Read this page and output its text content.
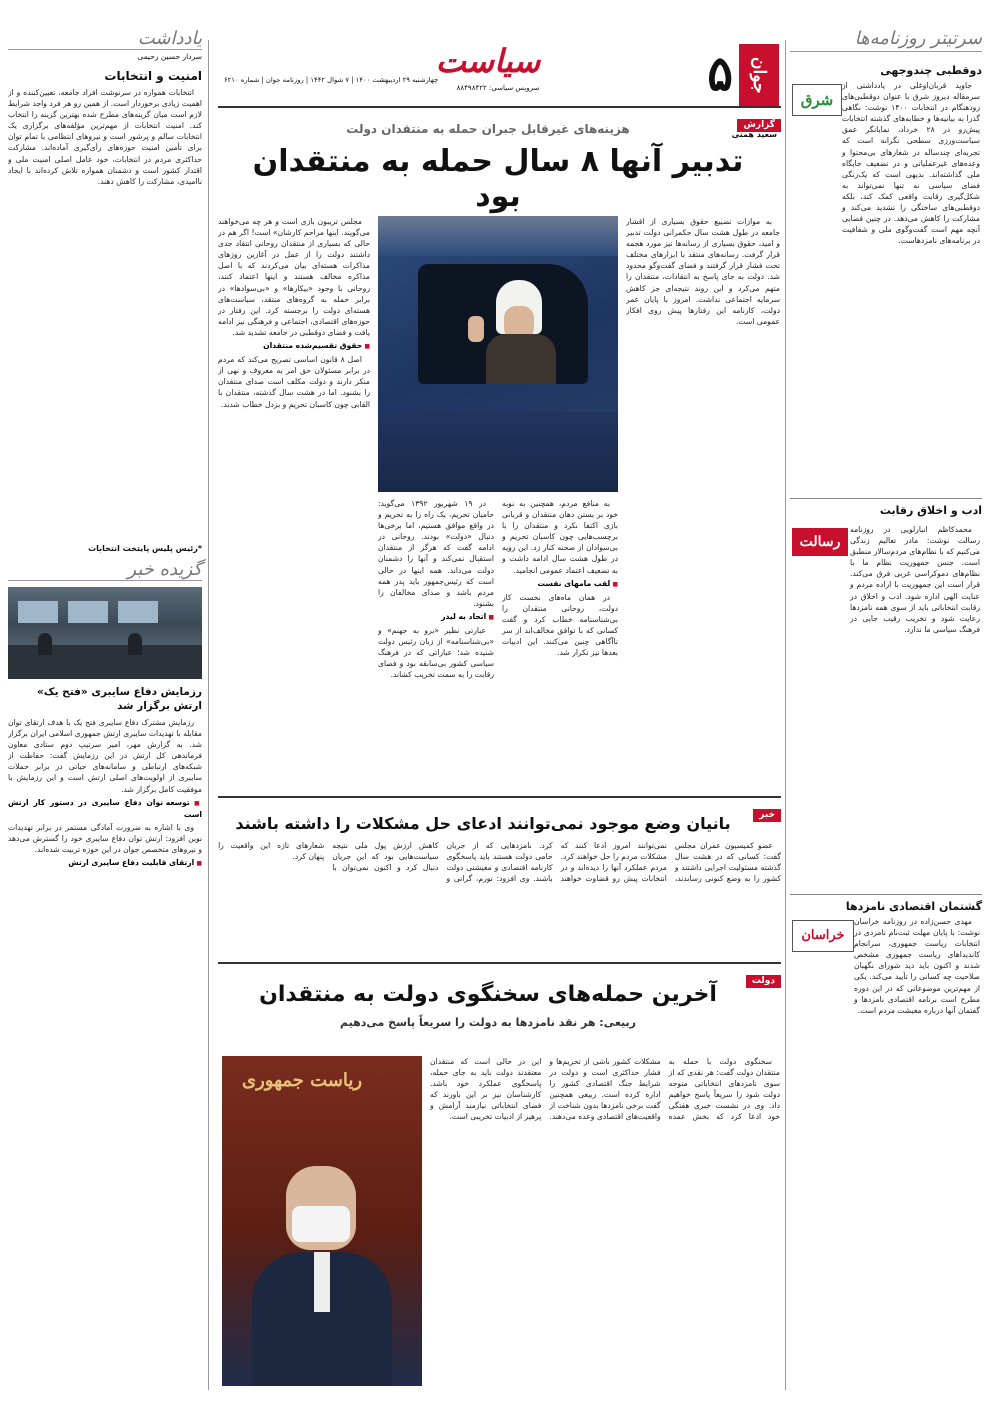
جوان
۵
سیاست
سرویس سیاسی: ۸۸۴۹۸۴۲۲
چهارشنبه ۲۹ اردیبهشت ۱۴۰۰ | ۷ شوال ۱۴۴۲ | روزنامه جوان | شماره ۶۲۱۰
سرتیتر روزنامه‌ها
دوقطبی چندوجهی
شرق

جاوید قربان‌اوغلی در یادداشتی از سرمقاله دیروز شرق با عنوان دوقطبی‌های زودهنگام در انتخابات ۱۴۰۰ نوشت: نگاهی گذرا به بیانیه‌ها و خطابه‌های گذشته انتخابات پیش‌رو در ۲۸ خرداد، نمایانگر عمق سیاست‌ورزی سطحی نگرانه است که تجربه‌ای چندساله در شعارهای بی‌محتوا و وعده‌های غیرعملیاتی و در تضعیف جایگاه ملی گذاشته‌اند. بدیهی است که یک‌رنگی فضای سیاسی نه تنها نمی‌تواند به شکل‌گیری رقابت واقعی کمک کند، بلکه دوقطبی‌های ساختگی را تشدید می‌کند و مشارکت را کاهش می‌دهد. در چنین فضایی آنچه مهم است گفت‌وگوی ملی و شفافیت در برنامه‌های نامزدهاست.

ادب و اخلاق رقابت
رسالت

محمدکاظم انبارلویی در روزنامه رسالت نوشت: مادر تعالیم زندگی می‌کنیم که با نظام‌های مردم‌سالار منطبق است. جنس جمهوریت نظام ما با نظام‌های دموکراسی غربی فرق می‌کند. قرار است این جمهوریت با اراده مردم و عنایت الهی اداره شود. ادب و اخلاق در رقابت انتخاباتی باید از سوی همه نامزدها رعایت شود و تخریب رقیب جایی در فرهنگ سیاسی ما ندارد.

گشتمان اقتصادی نامزدها
خراسان

مهدی حسن‌زاده در روزنامه خراسان نوشت: با پایان مهلت ثبت‌نام نامزدی در انتخابات ریاست جمهوری، سرانجام کاندیداهای ریاست جمهوری مشخص شدند و اکنون باید دید شورای نگهبان صلاحیت چه کسانی را تأیید می‌کند. یکی از مهم‌ترین موضوعاتی که در این دوره مطرح است برنامه اقتصادی نامزدها و گفتمان آنها درباره معیشت مردم است.

یادداشت
سردار حسین رحیمی
امنیت و انتخابات

انتخابات همواره در سرنوشت افراد جامعه، تعیین‌کننده و از اهمیت زیادی برخوردار است. از همین رو هر فرد واجد شرایط لازم است میان گزینه‌های مطرح شده بهترین گزینه را انتخاب کند. امنیت انتخابات از مهم‌ترین مؤلفه‌های برگزاری یک انتخابات سالم و پرشور است و نیروهای انتظامی با تمام توان برای تأمین امنیت حوزه‌های رأی‌گیری آماده‌اند. مشارکت حداکثری مردم در انتخابات، خود عامل اصلی امنیت ملی و اقتدار کشور است و دشمنان همواره تلاش کرده‌اند با ایجاد ناامیدی، مشارکت را کاهش دهند.

*رئیس پلیس پایتخت انتخابات
گزیده خبر
رزمایش دفاع سایبری «فتح یک» ارتش برگزار شد

رزمایش مشترک دفاع سایبری فتح یک با هدف ارتقای توان مقابله با تهدیدات سایبری ارتش جمهوری اسلامی ایران برگزار شد. به گزارش مهر، امیر سرتیپ دوم ستادی معاون فرماندهی کل ارتش در این رزمایش گفت: حفاظت از شبکه‌های ارتباطی و سامانه‌های حیاتی در برابر حملات سایبری از اولویت‌های اصلی ارتش است و این رزمایش با موفقیت کامل برگزار شد.

■ توسعه توان دفاع سایبری در دستور کار ارتش است

وی با اشاره به ضرورت آمادگی مستمر در برابر تهدیدات نوین افزود: ارتش توان دفاع سایبری خود را گسترش می‌دهد و نیروهای متخصص جوان در این حوزه تربیت شده‌اند.

■ ارتقای قابلیت دفاع سایبری ارتش

گزارش
سعید همتی
هزینه‌های غیرقابل جبران حمله به منتقدان دولت
تدبیر آنها ۸ سال حمله به منتقدان بود

مجلس تریبون بازی است و هر چه می‌خواهند می‌گویند. اینها مراحم کارشان» است! اگر هم در حالی که بسیاری از منتقدان روحانی انتقاد جدی داشتند دولت را از عمل در آغازین روزهای مذاکرات هسته‌ای بیان می‌کردند که با اصل مذاکره مخالف هستند و اینها اعتماد کنند، روحانی با وجود «بیکارها» و «بی‌سوادها» در برابر حمله به گروه‌های منتقد، سیاست‌های هسته‌ای دولت را برجسته کرد. این رفتار در حوزه‌های اقتصادی، اجتماعی و فرهنگی نیز ادامه یافت و فضای دوقطبی در جامعه تشدید شد.

■ حقوق تقسیم‌شده منتقدان

اصل ۸ قانون اساسی تصریح می‌کند که مردم در برابر مسئولان حق امر به معروف و نهی از منکر دارند و دولت مکلف است صدای منتقدان را بشنود. اما در هشت سال گذشته، منتقدان با القابی چون کاسبان تحریم و بزدل خطاب شدند.

در ۱۹ شهریور ۱۳۹۲ می‌گوید: حامیان تحریم، یک راه را به تحریم و در واقع موافق هستیم، اما برخی‌ها دنبال «دولت» بودند. روحانی در ادامه گفت که هرگز از منتقدان استقبال نمی‌کند و آنها را دشمنان دولت می‌داند. همه اینها در حالی است که رئیس‌جمهور باید پدر همه مردم باشد و صدای مخالفان را بشنود.

■ اتحاد به لیدر

عبارتی نظیر «برو به جهنم» و «بی‌شناسنامه» از زبان رئیس دولت شنیده شد؛ عباراتی که در فرهنگ سیاسی کشور بی‌سابقه بود و فضای رقابت را به سمت تخریب کشاند.

به منافع مردم، همچنین به نوبه خود بر بستن دهان منتقدان و قربانی بازی اکتفا نکرد و منتقدان را با برچسب‌هایی چون کاسبان تحریم و بی‌سوادان از صحنه کنار زد. این رویه در طول هشت سال ادامه داشت و به تضعیف اعتماد عمومی انجامید.

■ لقب مامهای نقست

در همان ماه‌های نخست کار دولت، روحانی منتقدان را بی‌شناسنامه خطاب کرد و گفت کسانی که با توافق مخالف‌اند از سر ناآگاهی چنین می‌کنند. این ادبیات بعدها نیز تکرار شد.

به موازات تضییع حقوق بسیاری از اقشار جامعه در طول هشت سال حکمرانی دولت تدبیر و امید، حقوق بسیاری از رسانه‌ها نیز مورد هجمه قرار گرفت. رسانه‌های منتقد با ابزارهای مختلف تحت فشار قرار گرفتند و فضای گفت‌وگو محدود شد. دولت به جای پاسخ به انتقادات، منتقدان را متهم می‌کرد و این روند نتیجه‌ای جز کاهش سرمایه اجتماعی نداشت. امروز با پایان عمر دولت، کارنامه این رفتارها پیش روی افکار عمومی است.

خبر
بانیان وضع موجود نمی‌توانند ادعای حل مشکلات را داشته باشند

عضو کمیسیون عمران مجلس گفت: کسانی که در هشت سال گذشته مسئولیت اجرایی داشتند و کشور را به وضع کنونی رساندند، نمی‌توانند امروز ادعا کنند که مشکلات مردم را حل خواهند کرد. مردم عملکرد آنها را دیده‌اند و در انتخابات پیش رو قضاوت خواهند کرد. نامزدهایی که از جریان حامی دولت هستند باید پاسخگوی کارنامه اقتصادی و معیشتی دولت باشند. وی افزود: تورم، گرانی و کاهش ارزش پول ملی نتیجه سیاست‌هایی بود که این جریان دنبال کرد و اکنون نمی‌توان با شعارهای تازه این واقعیت را پنهان کرد.

دولت
آخرین حمله‌های سخنگوی دولت به منتقدان
ربیعی: هر نقد نامزدها به دولت را سریعاً پاسخ می‌دهیم
ریاست جمهوری

سخنگوی دولت با حمله به منتقدان دولت گفت: هر نقدی که از سوی نامزدهای انتخاباتی متوجه دولت شود را سریعاً پاسخ خواهیم داد. وی در نشست خبری هفتگی خود ادعا کرد که بخش عمده مشکلات کشور ناشی از تحریم‌ها و فشار حداکثری است و دولت در شرایط جنگ اقتصادی کشور را اداره کرده است. ربیعی همچنین گفت برخی نامزدها بدون شناخت از واقعیت‌های اقتصادی وعده می‌دهند. این در حالی است که منتقدان معتقدند دولت باید به جای حمله، پاسخگوی عملکرد خود باشد. کارشناسان نیز بر این باورند که فضای انتخاباتی نیازمند آرامش و پرهیز از ادبیات تخریبی است.
